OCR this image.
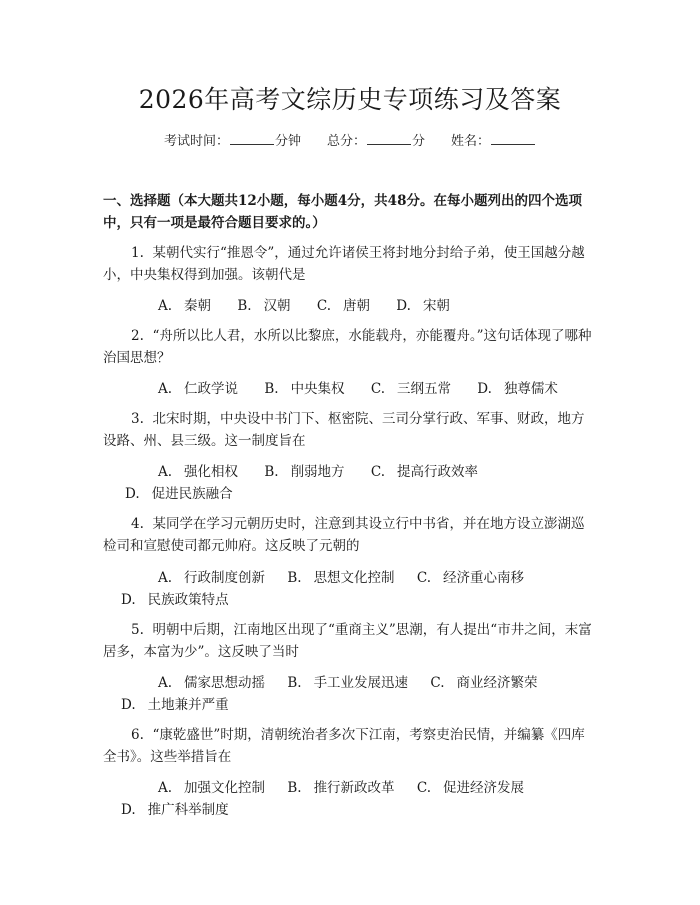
2026年高考文综历史专项练习及答案
考试时间：	分钟 总分：	分 姓名：
一、选择题（本大题共12小题，每小题4分，共48分。在每小题列出的四个选项中，只有一项是最符合题目要求的。）
1. 某朝代实行“推恩令”，通过允许诸侯王将封地分封给子弟，使王国越分越小，中央集权得到加强。该朝代是
A. 秦朝 B. 汉朝 C. 唐朝 D. 宋朝
2. “舟所以比人君，水所以比黎庶，水能载舟，亦能覆舟。”这句话体现了哪种治国思想？
A. 仁政学说 B. 中央集权 C. 三纲五常 D. 独尊儒术
3. 北宋时期，中央设中书门下、枢密院、三司分掌行政、军事、财政，地方设路、州、县三级。这一制度旨在
A. 强化相权 B. 削弱地方 C. 提高行政效率 D. 促进民族融合
4. 某同学在学习元朝历史时，注意到其设立行中书省，并在地方设立澎湖巡检司和宣慰使司都元帅府。这反映了元朝的
A. 行政制度创新 B. 思想文化控制 C. 经济重心南移 D. 民族政策特点
5. 明朝中后期，江南地区出现了“重商主义”思潮，有人提出“市井之间，末富居多，本富为少”。这反映了当时
A. 儒家思想动摇 B. 手工业发展迅速 C. 商业经济繁荣 D. 土地兼并严重
6. “康乾盛世”时期，清朝统治者多次下江南，考察吏治民情，并编纂《四库全书》。这些举措旨在
A. 加强文化控制 B. 推行新政改革 C. 促进经济发展 D. 推广科举制度
